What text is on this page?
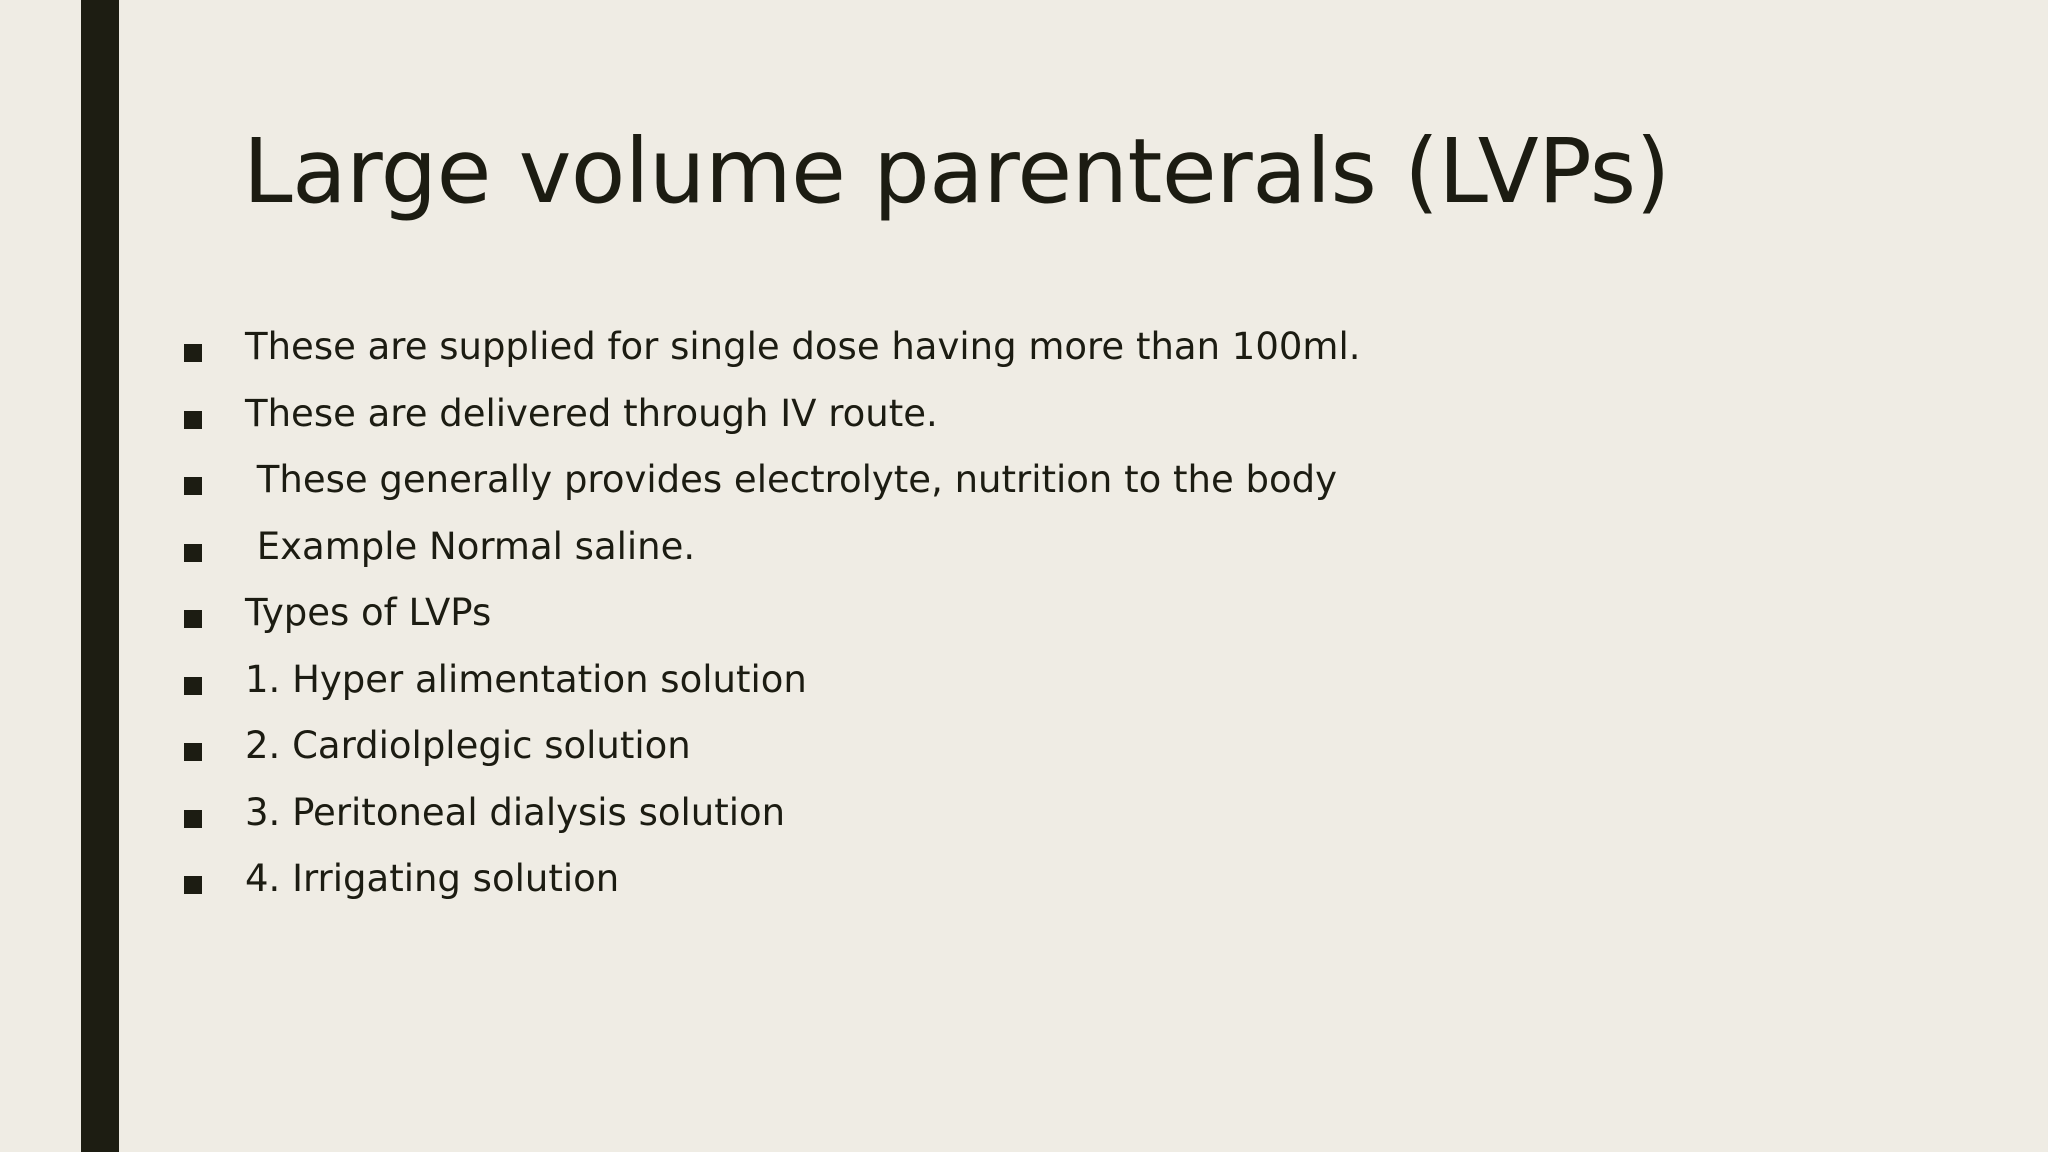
Large volume parenterals (LVPs)
These are supplied for single dose having more than 100ml.
These are delivered through IV route.
These generally provides electrolyte, nutrition to the body
Example Normal saline.
Types of LVPs
1. Hyper alimentation solution
2. Cardiolplegic solution
3. Peritoneal dialysis solution
4. Irrigating solution
